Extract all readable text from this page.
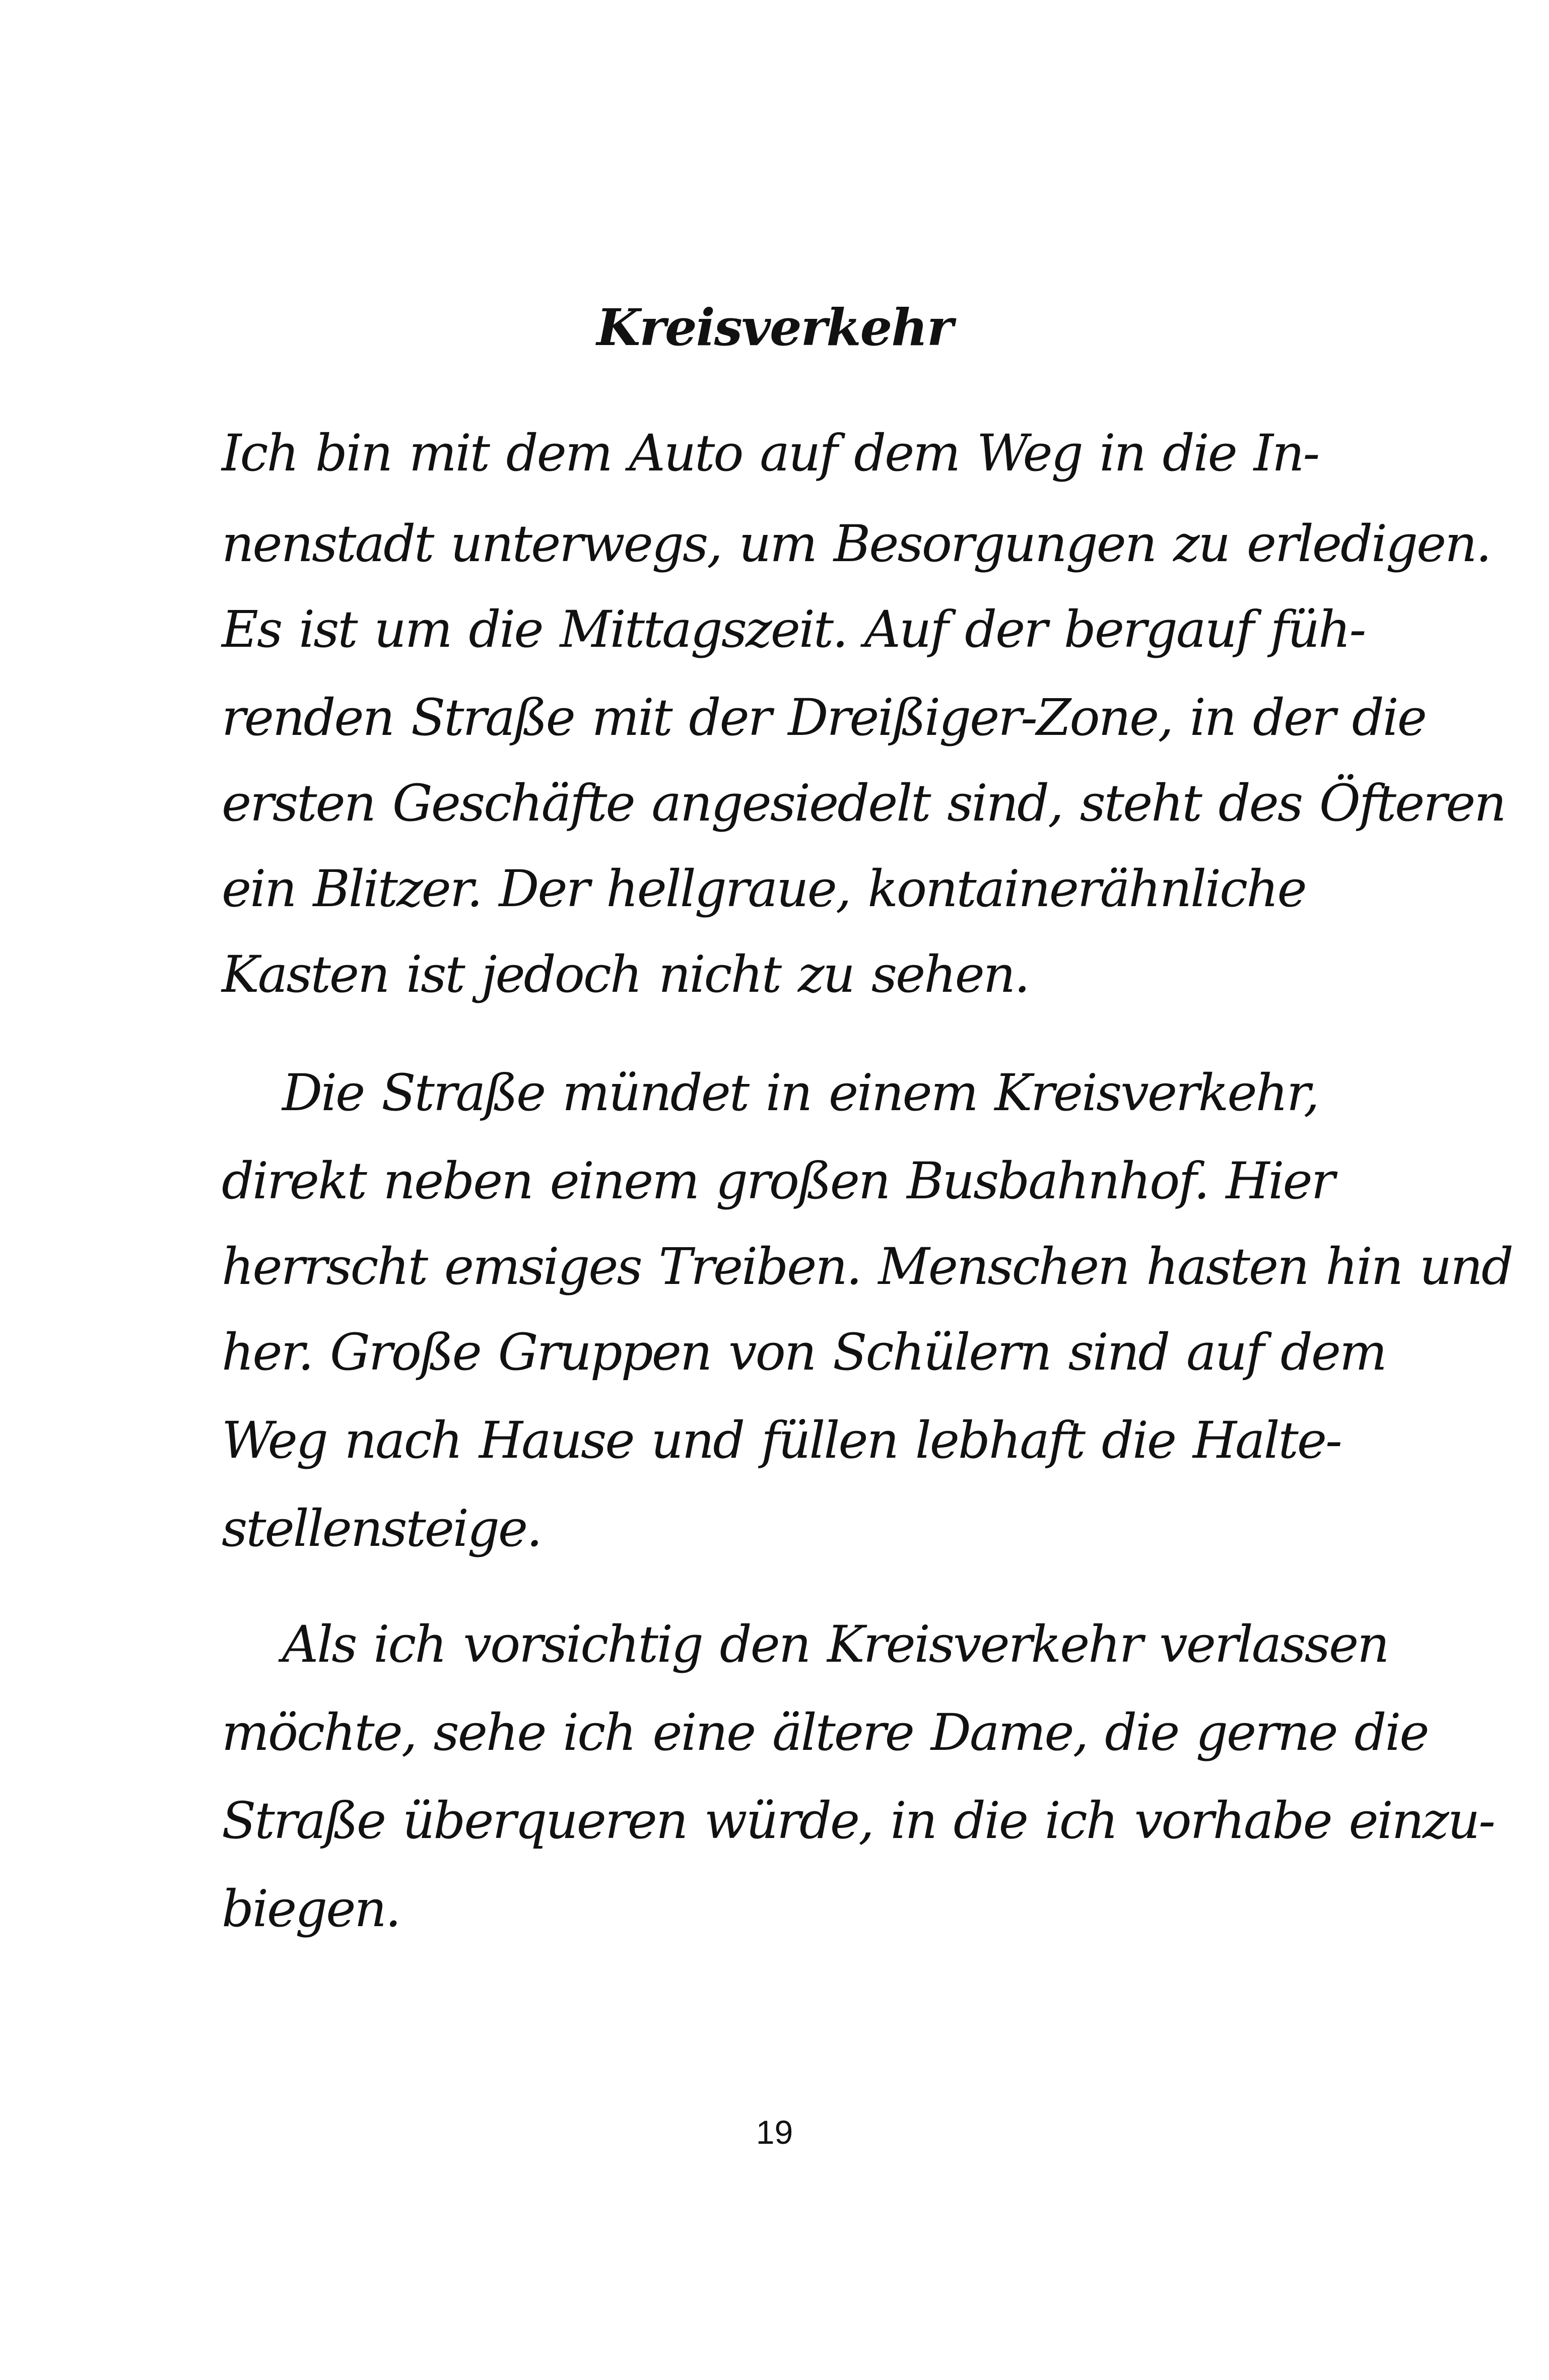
Kreisverkehr
Ich bin mit dem Auto auf dem Weg in die In-
nenstadt unterwegs, um Besorgungen zu erledigen.
Es ist um die Mittagszeit. Auf der bergauf füh-
renden Straße mit der Dreißiger-Zone, in der die
ersten Geschäfte angesiedelt sind, steht des Öfteren
ein Blitzer. Der hellgraue, kontainerähnliche
Kasten ist jedoch nicht zu sehen.
Die Straße mündet in einem Kreisverkehr,
direkt neben einem großen Busbahnhof. Hier
herrscht emsiges Treiben. Menschen hasten hin und
her. Große Gruppen von Schülern sind auf dem
Weg nach Hause und füllen lebhaft die Halte-
stellensteige.
Als ich vorsichtig den Kreisverkehr verlassen
möchte, sehe ich eine ältere Dame, die gerne die
Straße überqueren würde, in die ich vorhabe einzu-
biegen.
19
